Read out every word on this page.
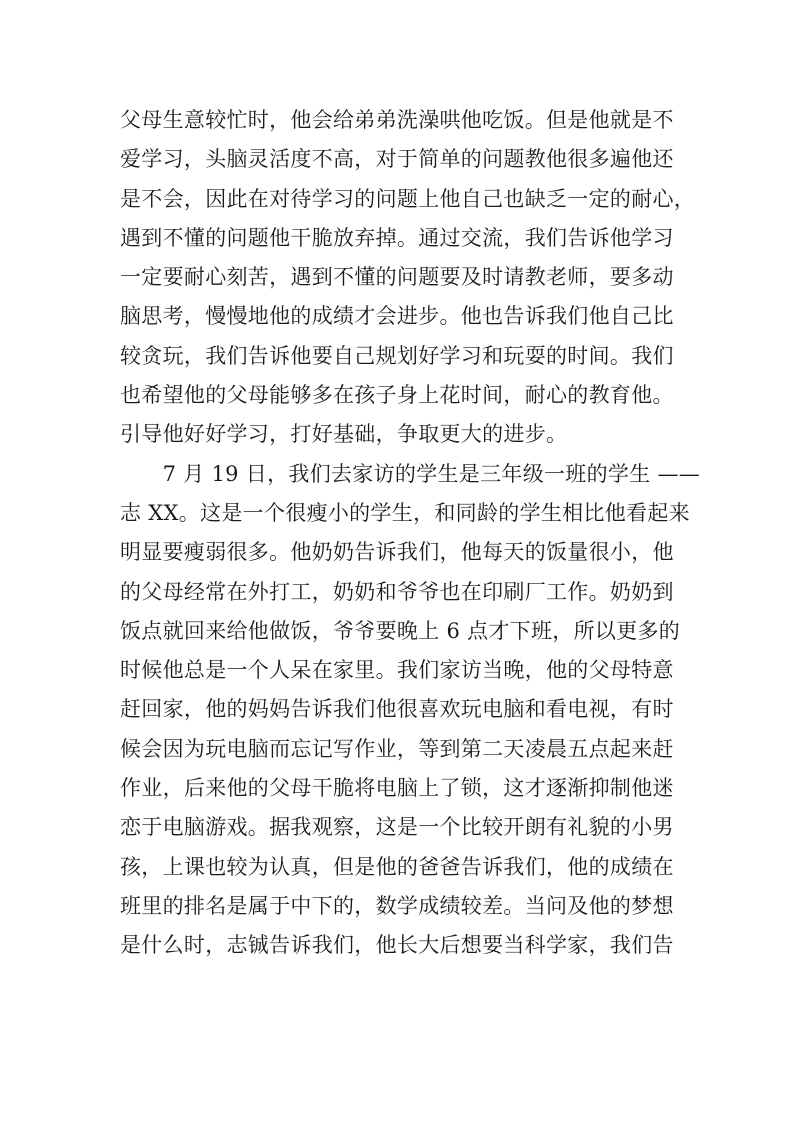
父母生意较忙时，他会给弟弟洗澡哄他吃饭。但是他就是不
爱学习，头脑灵活度不高，对于简单的问题教他很多遍他还
是不会，因此在对待学习的问题上他自己也缺乏一定的耐心，
遇到不懂的问题他干脆放弃掉。通过交流，我们告诉他学习
一定要耐心刻苦，遇到不懂的问题要及时请教老师，要多动
脑思考，慢慢地他的成绩才会进步。他也告诉我们他自己比
较贪玩，我们告诉他要自己规划好学习和玩耍的时间。我们
也希望他的父母能够多在孩子身上花时间，耐心的教育他。
引导他好好学习，打好基础，争取更大的进步。
　　7 月 19 日，我们去家访的学生是三年级一班的学生 ——
志 XX。这是一个很瘦小的学生，和同龄的学生相比他看起来
明显要瘦弱很多。他奶奶告诉我们，他每天的饭量很小，他
的父母经常在外打工，奶奶和爷爷也在印刷厂工作。奶奶到
饭点就回来给他做饭，爷爷要晚上 6 点才下班，所以更多的
时候他总是一个人呆在家里。我们家访当晚，他的父母特意
赶回家，他的妈妈告诉我们他很喜欢玩电脑和看电视，有时
候会因为玩电脑而忘记写作业，等到第二天凌晨五点起来赶
作业，后来他的父母干脆将电脑上了锁，这才逐渐抑制他迷
恋于电脑游戏。据我观察，这是一个比较开朗有礼貌的小男
孩，上课也较为认真，但是他的爸爸告诉我们，他的成绩在
班里的排名是属于中下的，数学成绩较差。当问及他的梦想
是什么时，志铖告诉我们，他长大后想要当科学家，我们告
